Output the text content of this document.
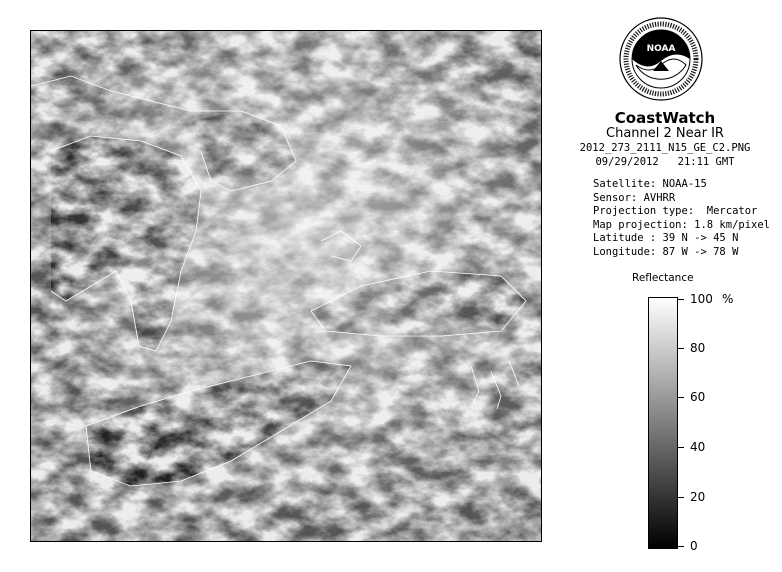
NOAA
CoastWatch
Channel 2 Near IR
2012_273_2111_N15_GE_C2.PNG
09/29/2012   21:11 GMT
Satellite: NOAA-15
Sensor: AVHRR
Projection type:  Mercator
Map projection: 1.8 km/pixel
Latitude : 39 N -> 45 N
Longitude: 87 W -> 78 W
Reflectance
%
100
80
60
40
20
0
